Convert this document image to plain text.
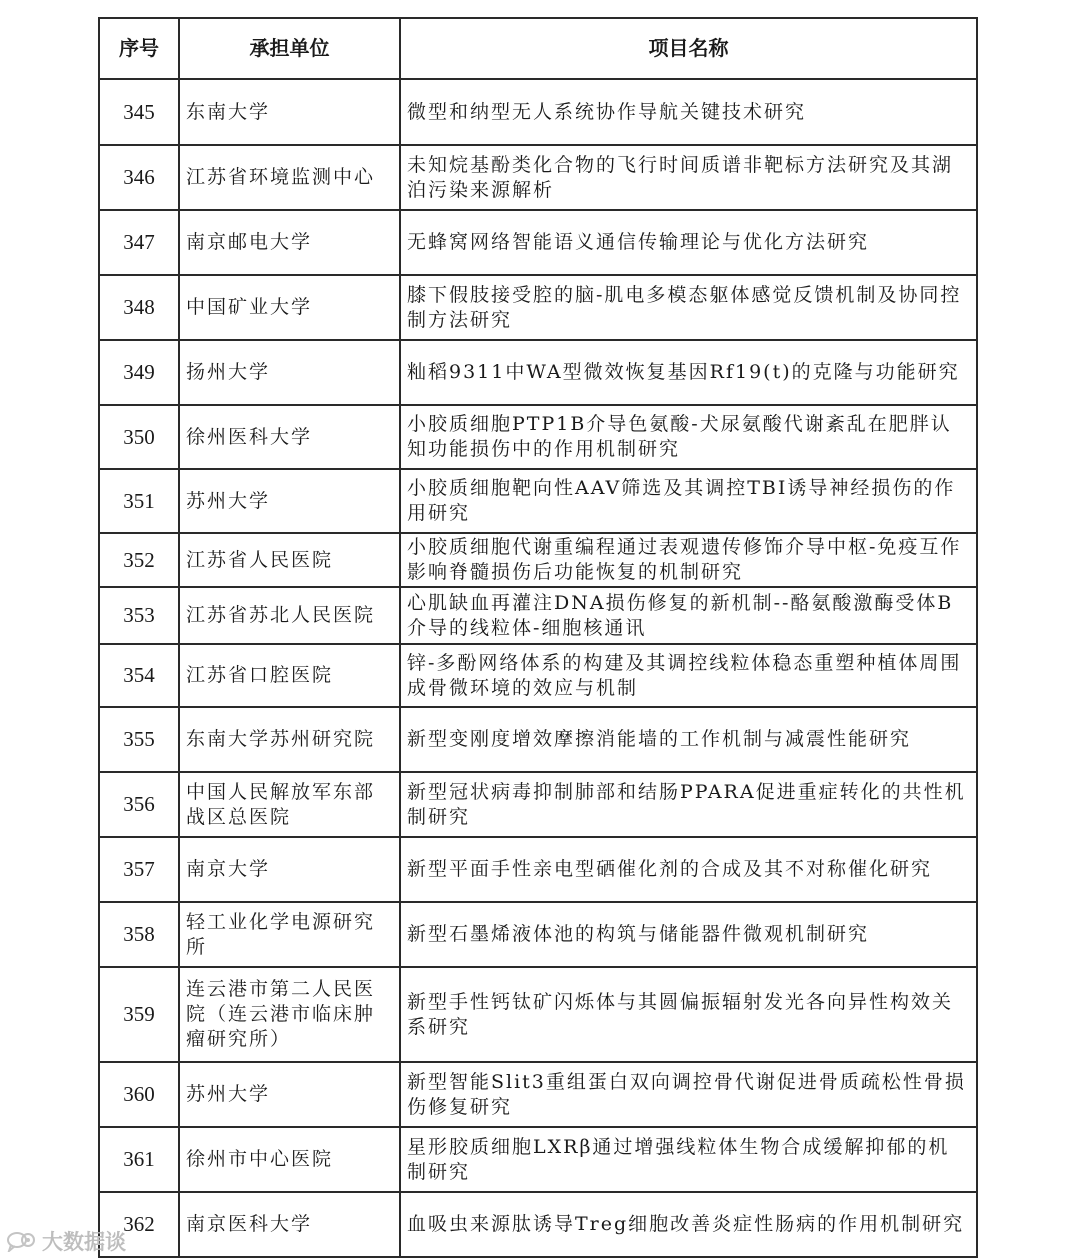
序号	承担单位	项目名称
345	东南大学	微型和纳型无人系统协作导航关键技术研究
346	江苏省环境监测中心	未知烷基酚类化合物的飞行时间质谱非靶标方法研究及其湖泊污染来源解析
347	南京邮电大学	无蜂窝网络智能语义通信传输理论与优化方法研究
348	中国矿业大学	膝下假肢接受腔的脑-肌电多模态躯体感觉反馈机制及协同控制方法研究
349	扬州大学	籼稻9311中WA型微效恢复基因Rf19(t)的克隆与功能研究
350	徐州医科大学	小胶质细胞PTP1B介导色氨酸-犬尿氨酸代谢紊乱在肥胖认知功能损伤中的作用机制研究
351	苏州大学	小胶质细胞靶向性AAV筛选及其调控TBI诱导神经损伤的作用研究
352	江苏省人民医院	小胶质细胞代谢重编程通过表观遗传修饰介导中枢-免疫互作影响脊髓损伤后功能恢复的机制研究
353	江苏省苏北人民医院	心肌缺血再灌注DNA损伤修复的新机制--酪氨酸激酶受体B介导的线粒体-细胞核通讯
354	江苏省口腔医院	锌-多酚网络体系的构建及其调控线粒体稳态重塑种植体周围成骨微环境的效应与机制
355	东南大学苏州研究院	新型变刚度增效摩擦消能墙的工作机制与减震性能研究
356	中国人民解放军东部战区总医院	新型冠状病毒抑制肺部和结肠PPARA促进重症转化的共性机制研究
357	南京大学	新型平面手性亲电型硒催化剂的合成及其不对称催化研究
358	轻工业化学电源研究所	新型石墨烯液体池的构筑与储能器件微观机制研究
359	连云港市第二人民医院（连云港市临床肿瘤研究所）	新型手性钙钛矿闪烁体与其圆偏振辐射发光各向异性构效关系研究
360	苏州大学	新型智能Slit3重组蛋白双向调控骨代谢促进骨质疏松性骨损伤修复研究
361	徐州市中心医院	星形胶质细胞LXRβ通过增强线粒体生物合成缓解抑郁的机制研究
362	南京医科大学	血吸虫来源肽诱导Treg细胞改善炎症性肠病的作用机制研究
大数据谈
